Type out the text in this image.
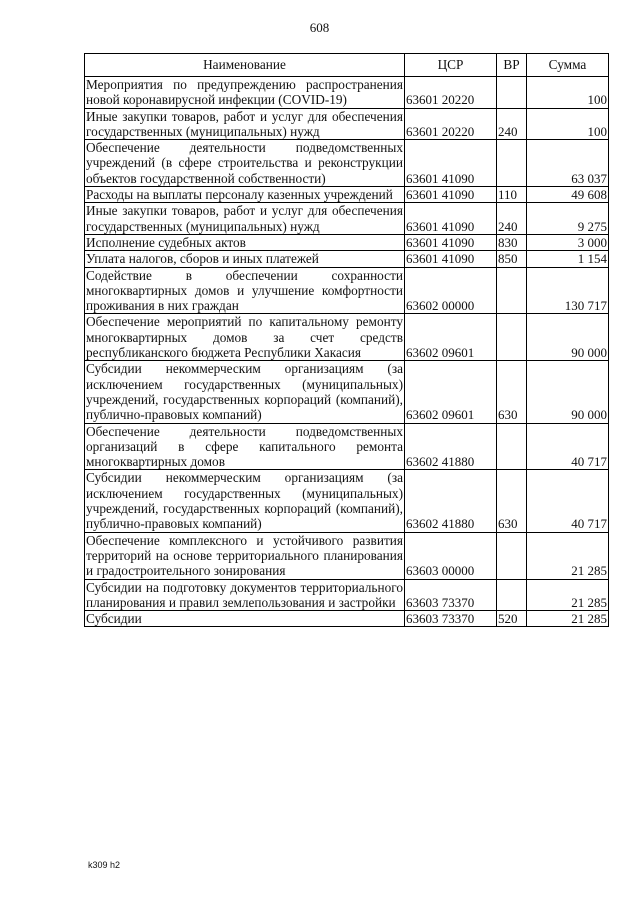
608
Наименование	ЦСР	ВР	Сумма
Мероприятия по предупреждению распространения новой коронавирусной инфекции (COVID-19)	63601 20220		100
Иные закупки товаров, работ и услуг для обеспечения государственных (муниципальных) нужд	63601 20220	240	100
Обеспечение деятельности подведомственных учреждений (в сфере строительства и реконструкции объектов государственной собственности)	63601 41090		63 037
Расходы на выплаты персоналу казенных учреждений	63601 41090	110	49 608
Иные закупки товаров, работ и услуг для обеспечения государственных (муниципальных) нужд	63601 41090	240	9 275
Исполнение судебных актов	63601 41090	830	3 000
Уплата налогов, сборов и иных платежей	63601 41090	850	1 154
Содействие в обеспечении сохранности многоквартирных домов и улучшение комфортности проживания в них граждан	63602 00000		130 717
Обеспечение мероприятий по капитальному ремонту многоквартирных домов за счет средств республиканского бюджета Республики Хакасия	63602 09601		90 000
Субсидии некоммерческим организациям (за исключением государственных (муниципальных) учреждений, государственных корпораций (компаний), публично-правовых компаний)	63602 09601	630	90 000
Обеспечение деятельности подведомственных организаций в сфере капитального ремонта многоквартирных домов	63602 41880		40 717
Субсидии некоммерческим организациям (за исключением государственных (муниципальных) учреждений, государственных корпораций (компаний), публично-правовых компаний)	63602 41880	630	40 717
Обеспечение комплексного и устойчивого развития территорий на основе территориального планирования и градостроительного зонирования	63603 00000		21 285
Субсидии на подготовку документов территориального планирования и правил землепользования и застройки	63603 73370		21 285
Субсидии	63603 73370	520	21 285
k309 h2
